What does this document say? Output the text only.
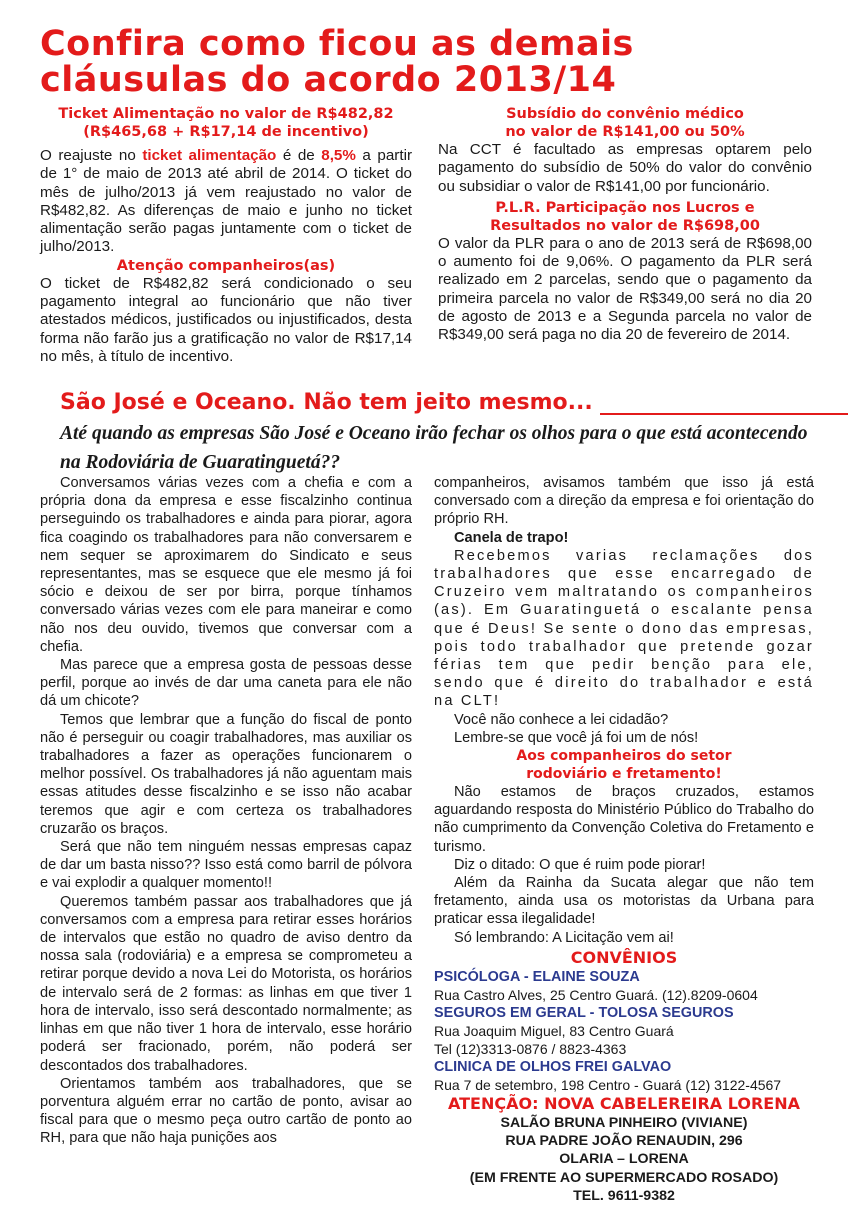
Confira como ficou as demais
cláusulas do acordo 2013/14
Ticket Alimentação no valor de R$482,82
(R$465,68 + R$17,14 de incentivo)

O reajuste no ticket alimentação é de 8,5% a partir de 1° de maio de 2013 até abril de 2014. O ticket do mês de julho/2013 já vem reajustado no valor de R$482,82. As diferenças de maio e junho no ticket alimentação serão pagas juntamente com o ticket de julho/2013.

Atenção companheiros(as)

O ticket de R$482,82 será condicionado o seu pagamento integral ao funcionário que não tiver atestados médicos, justificados ou injustificados, desta forma não farão jus a gratificação no valor de R$17,14 no mês, à título de incentivo.

Subsídio do convênio médico
no valor de R$141,00 ou 50%

Na CCT é facultado as empresas optarem pelo pagamento do subsídio de 50% do valor do convênio ou subsidiar o valor de R$141,00 por funcionário.

P.L.R. Participação nos Lucros e
Resultados no valor de R$698,00

O valor da PLR para o ano de 2013 será de R$698,00 o aumento foi de 9,06%. O pagamento da PLR será realizado em 2 parcelas, sendo que o pagamento da primeira parcela no valor de R$349,00 será no dia 20 de agosto de 2013 e a Segunda parcela no valor de R$349,00 será paga no dia 20 de fevereiro de 2014.

São José e Oceano. Não tem jeito mesmo...
Até quando as empresas São José e Oceano irão fechar os olhos para o que está acontecendo na Rodoviária de Guaratinguetá??

Conversamos várias vezes com a chefia e com a própria dona da empresa e esse fiscalzinho continua perseguindo os trabalhadores e ainda para piorar, agora fica coagindo os trabalhadores para não conversarem e nem sequer se aproximarem do Sindicato e seus representantes, mas se esquece que ele mesmo já foi sócio e deixou de ser por birra, porque tínhamos conversado várias vezes com ele para maneirar e como não nos deu ouvido, tivemos que conversar com a chefia.

Mas parece que a empresa gosta de pessoas desse perfil, porque ao invés de dar uma caneta para ele não dá um chicote?

Temos que lembrar que a função do fiscal de ponto não é perseguir ou coagir trabalhadores, mas auxiliar os trabalhadores a fazer as operações funcionarem o melhor possível. Os trabalhadores já não aguentam mais essas atitudes desse fiscalzinho e se isso não acabar teremos que agir e com certeza os trabalhadores cruzarão os braços.

Será que não tem ninguém nessas empresas capaz de dar um basta nisso?? Isso está como barril de pólvora e vai explodir a qualquer momento!!

Queremos também passar aos trabalhadores que já conversamos com a empresa para retirar esses horários de intervalos que estão no quadro de aviso dentro da nossa sala (rodoviária) e a empresa se comprometeu a retirar porque devido a nova Lei do Motorista, os horários de intervalo será de 2 formas: as linhas em que tiver 1 hora de intervalo, isso será descontado normalmente; as linhas em que não tiver 1 hora de intervalo, esse horário poderá ser fracionado, porém, não poderá ser descontados dos trabalhadores.

Orientamos também aos trabalhadores, que se porventura alguém errar no cartão de ponto, avisar ao fiscal para que o mesmo peça outro cartão de ponto ao RH, para que não haja punições aos

companheiros, avisamos também que isso já está conversado com a direção da empresa e foi orientação do próprio RH.

Canela de trapo!

Recebemos varias reclamações dos trabalhadores que esse encarregado de Cruzeiro vem maltratando os companheiros (as). Em Guaratinguetá o escalante pensa que é Deus! Se sente o dono das empresas, pois todo trabalhador que pretende gozar férias tem que pedir benção para ele, sendo que é direito do trabalhador e está na CLT!

Você não conhece a lei cidadão?

Lembre-se que você já foi um de nós!

Aos companheiros do setor
rodoviário e fretamento!

Não estamos de braços cruzados, estamos aguardando resposta do Ministério Público do Trabalho do não cumprimento da Convenção Coletiva do Fretamento e turismo.

Diz o ditado: O que é ruim pode piorar!

Além da Rainha da Sucata alegar que não tem fretamento, ainda usa os motoristas da Urbana para praticar essa ilegalidade!

Só lembrando: A Licitação vem ai!

CONVÊNIOS
PSICÓLOGA - ELAINE SOUZA
Rua Castro Alves, 25 Centro Guará. (12).8209-0604
SEGUROS EM GERAL - TOLOSA SEGUROS
Rua Joaquim Miguel, 83 Centro Guará
Tel (12)3313-0876 / 8823-4363
CLINICA DE OLHOS FREI GALVAO
Rua 7 de setembro, 198 Centro - Guará (12) 3122-4567
ATENÇÃO: NOVA CABELEREIRA LORENA
SALÃO BRUNA PINHEIRO (VIVIANE)
RUA PADRE JOÃO RENAUDIN, 296
OLARIA – LORENA
(EM FRENTE AO SUPERMERCADO ROSADO)
TEL. 9611-9382
